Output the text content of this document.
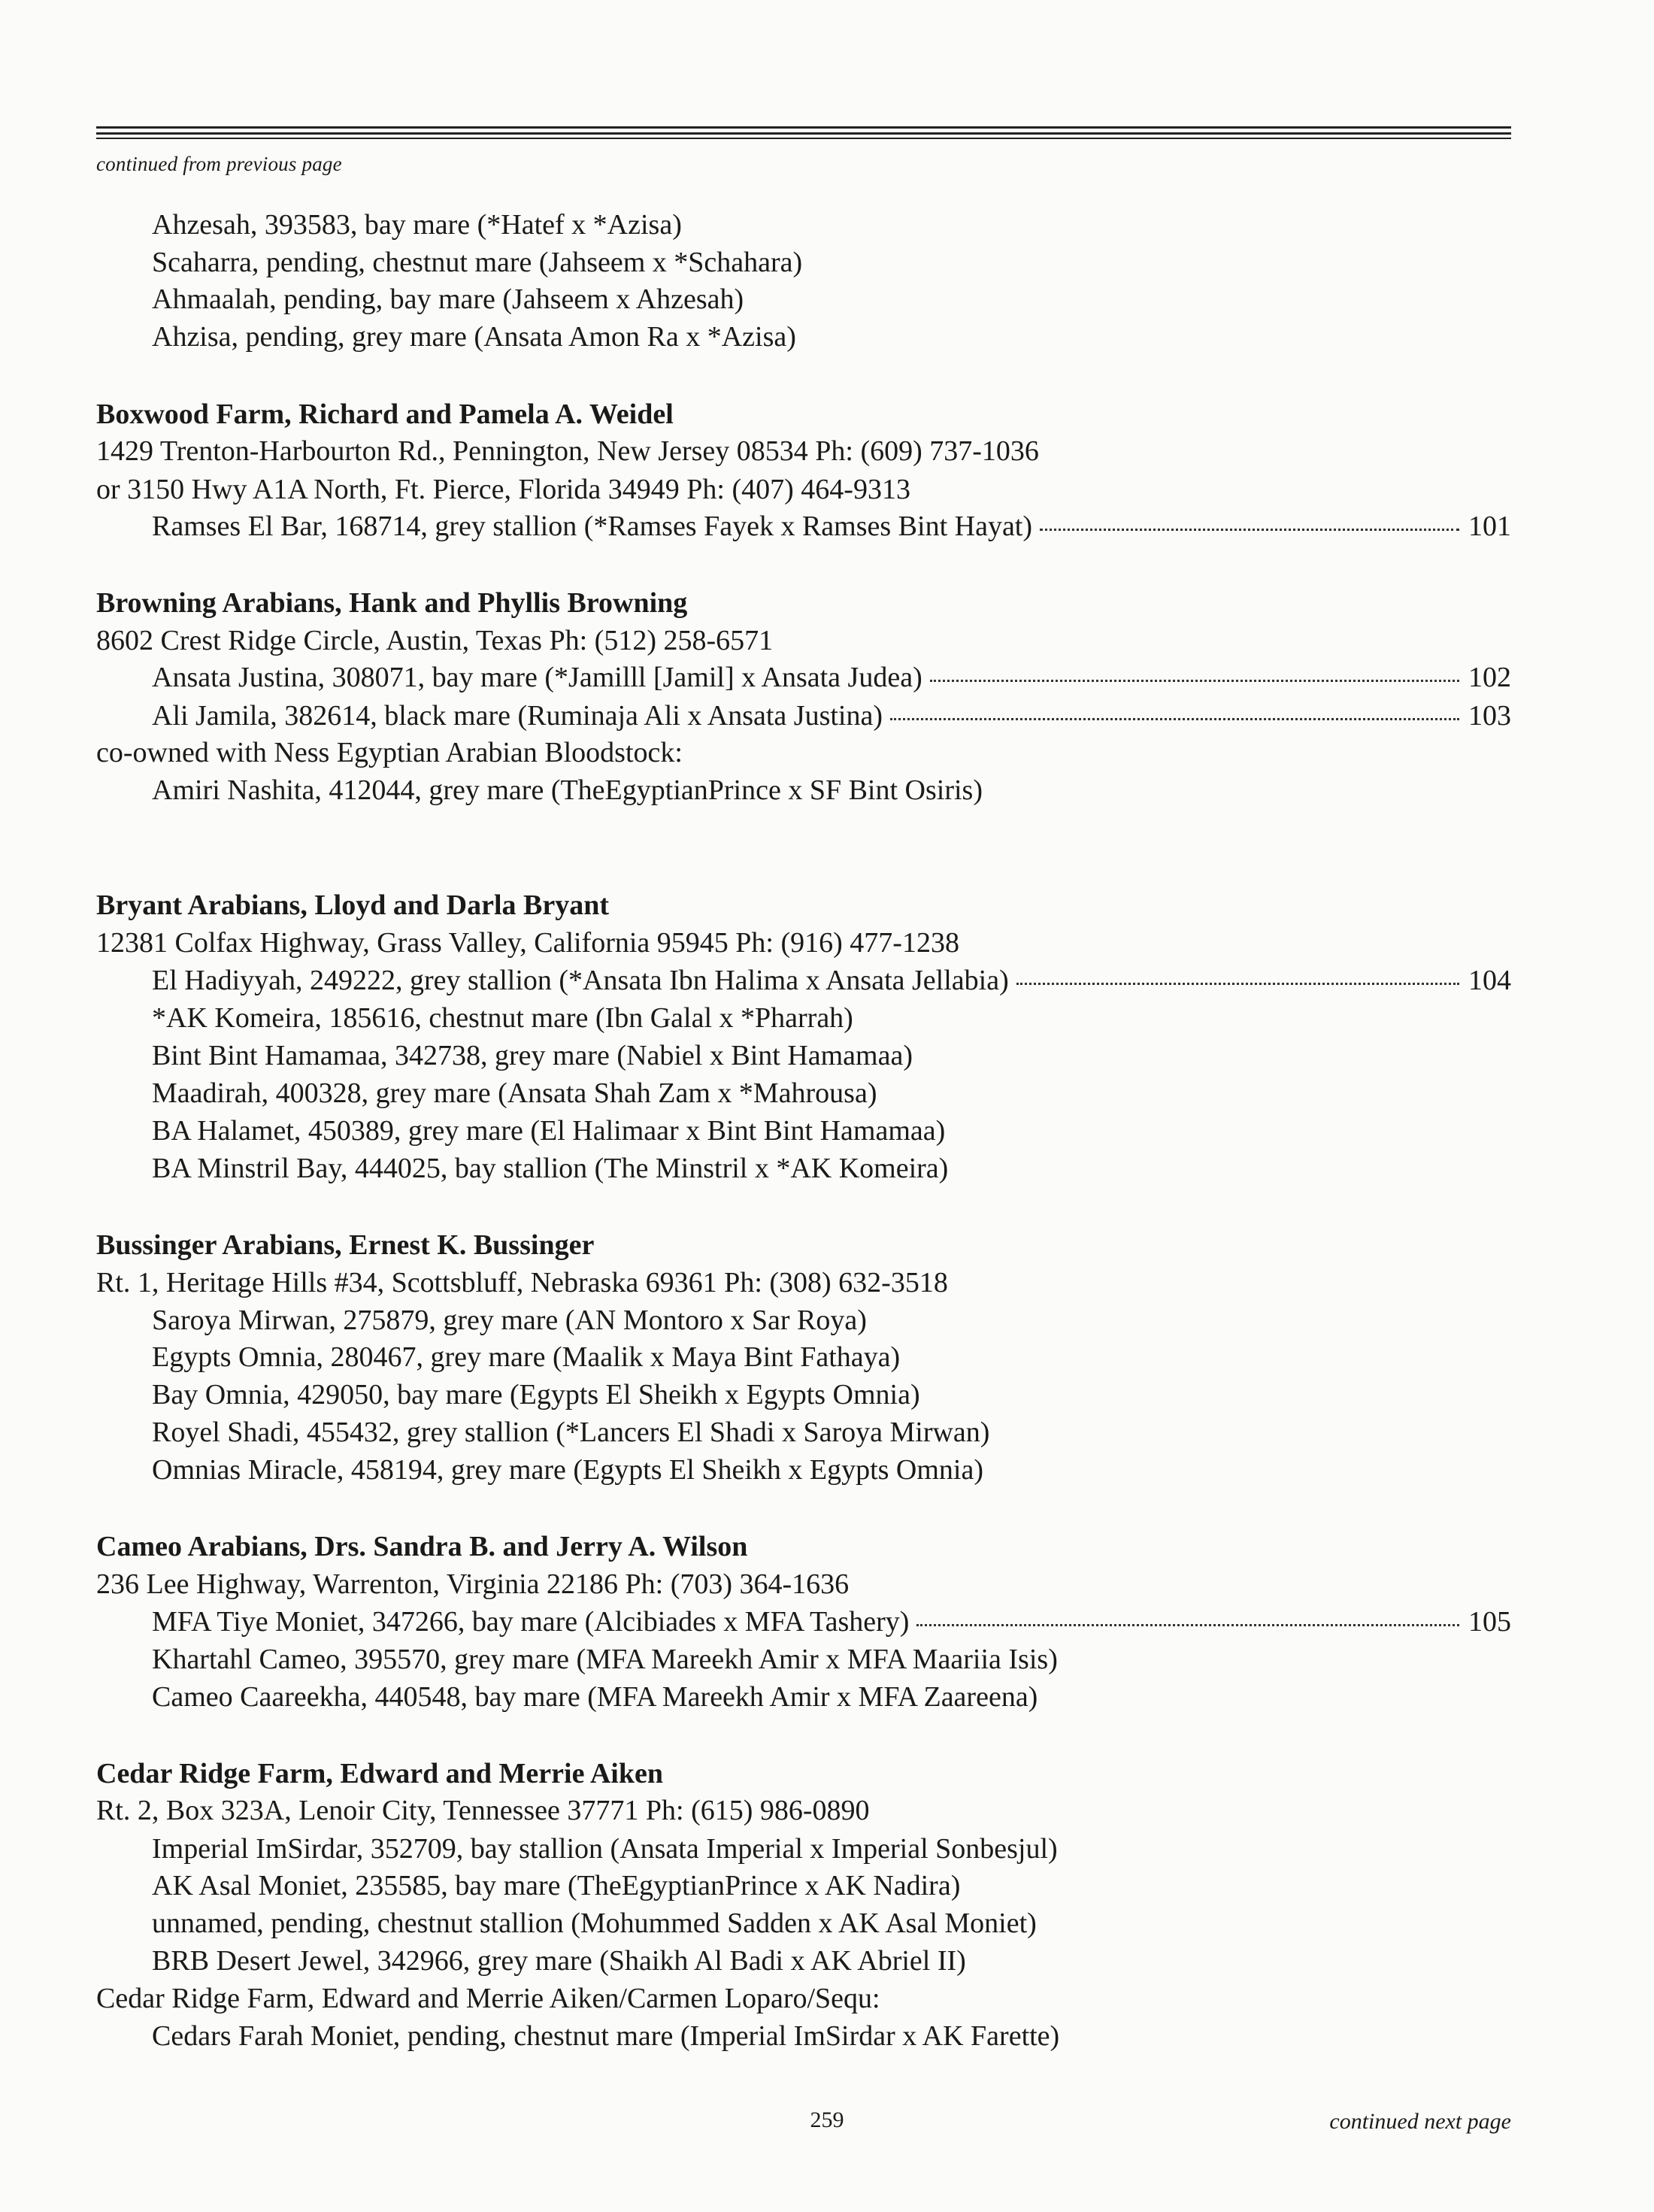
continued from previous page
Ahzesah, 393583, bay mare (*Hatef x *Azisa)
Scaharra, pending, chestnut mare (Jahseem x *Schahara)
Ahmaalah, pending, bay mare (Jahseem x Ahzesah)
Ahzisa, pending, grey mare (Ansata Amon Ra x *Azisa)
Boxwood Farm, Richard and Pamela A. Weidel
1429 Trenton-Harbourton Rd., Pennington, New Jersey 08534 Ph: (609) 737-1036
or 3150 Hwy A1A North, Ft. Pierce, Florida 34949 Ph: (407) 464-9313
Ramses El Bar, 168714, grey stallion (*Ramses Fayek x Ramses Bint Hayat)	101
Browning Arabians, Hank and Phyllis Browning
8602 Crest Ridge Circle, Austin, Texas Ph: (512) 258-6571
Ansata Justina, 308071, bay mare (*Jamilll [Jamil] x Ansata Judea)	102
Ali Jamila, 382614, black mare (Ruminaja Ali x Ansata Justina)	103
co-owned with Ness Egyptian Arabian Bloodstock:
Amiri Nashita, 412044, grey mare (TheEgyptianPrince x SF Bint Osiris)
Bryant Arabians, Lloyd and Darla Bryant
12381 Colfax Highway, Grass Valley, California 95945 Ph: (916) 477-1238
El Hadiyyah, 249222, grey stallion (*Ansata Ibn Halima x Ansata Jellabia)	104
*AK Komeira, 185616, chestnut mare (Ibn Galal x *Pharrah)
Bint Bint Hamamaa, 342738, grey mare (Nabiel x Bint Hamamaa)
Maadirah, 400328, grey mare (Ansata Shah Zam x *Mahrousa)
BA Halamet, 450389, grey mare (El Halimaar x Bint Bint Hamamaa)
BA Minstril Bay, 444025, bay stallion (The Minstril x *AK Komeira)
Bussinger Arabians, Ernest K. Bussinger
Rt. 1, Heritage Hills #34, Scottsbluff, Nebraska 69361 Ph: (308) 632-3518
Saroya Mirwan, 275879, grey mare (AN Montoro x Sar Roya)
Egypts Omnia, 280467, grey mare (Maalik x Maya Bint Fathaya)
Bay Omnia, 429050, bay mare (Egypts El Sheikh x Egypts Omnia)
Royel Shadi, 455432, grey stallion (*Lancers El Shadi x Saroya Mirwan)
Omnias Miracle, 458194, grey mare (Egypts El Sheikh x Egypts Omnia)
Cameo Arabians, Drs. Sandra B. and Jerry A. Wilson
236 Lee Highway, Warrenton, Virginia 22186 Ph: (703) 364-1636
MFA Tiye Moniet, 347266, bay mare (Alcibiades x MFA Tashery)	105
Khartahl Cameo, 395570, grey mare (MFA Mareekh Amir x MFA Maariia Isis)
Cameo Caareekha, 440548, bay mare (MFA Mareekh Amir x MFA Zaareena)
Cedar Ridge Farm, Edward and Merrie Aiken
Rt. 2, Box 323A, Lenoir City, Tennessee 37771 Ph: (615) 986-0890
Imperial ImSirdar, 352709, bay stallion (Ansata Imperial x Imperial Sonbesjul)
AK Asal Moniet, 235585, bay mare (TheEgyptianPrince x AK Nadira)
unnamed, pending, chestnut stallion (Mohummed Sadden x AK Asal Moniet)
BRB Desert Jewel, 342966, grey mare (Shaikh Al Badi x AK Abriel II)
Cedar Ridge Farm, Edward and Merrie Aiken/Carmen Loparo/Sequ:
Cedars Farah Moniet, pending, chestnut mare (Imperial ImSirdar x AK Farette)
259	continued next page
